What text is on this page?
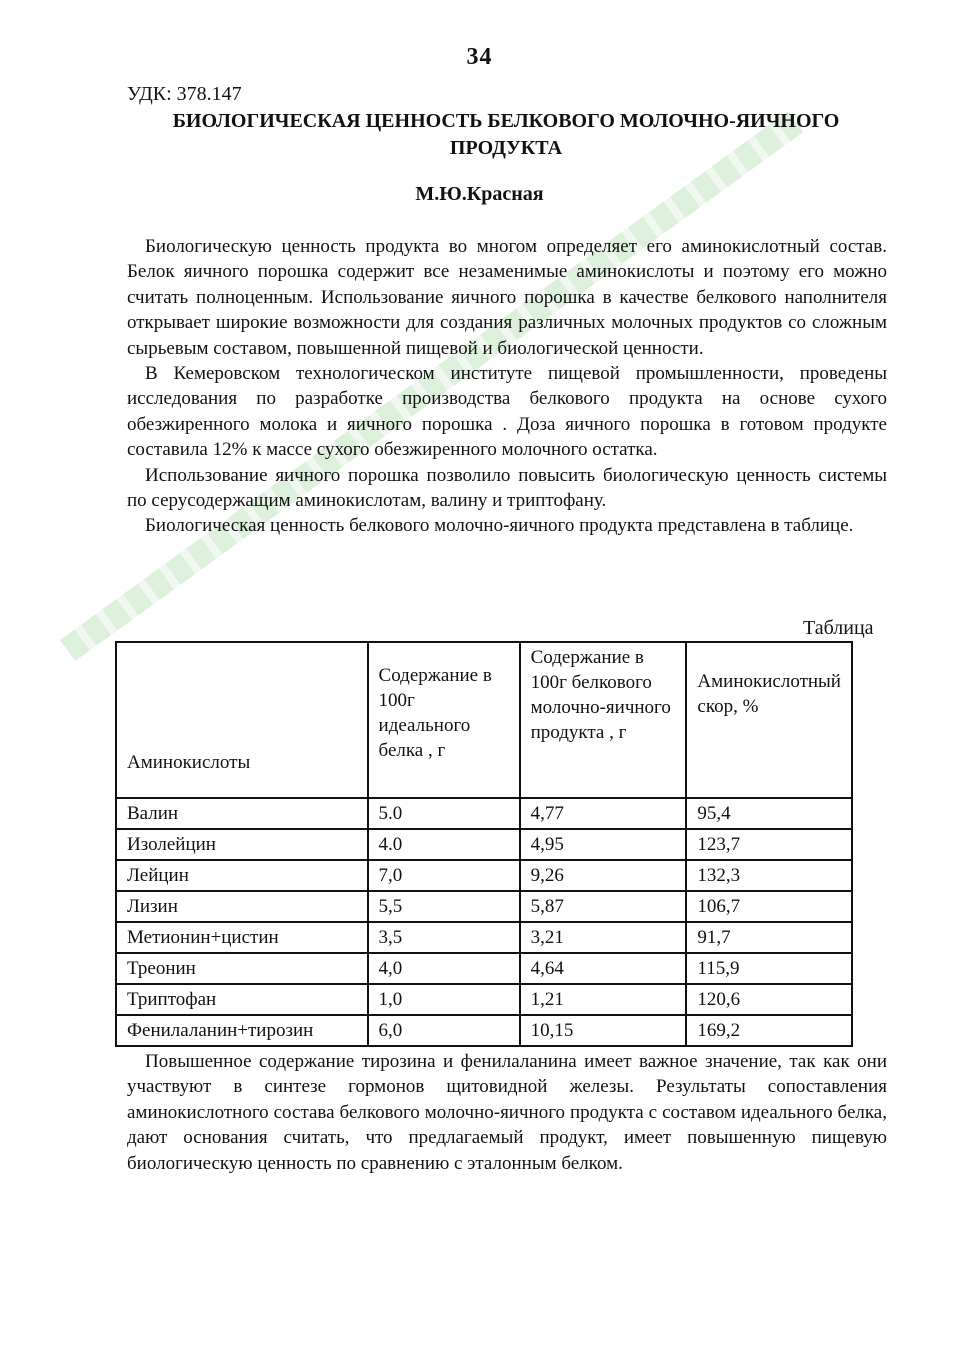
34
УДК: 378.147
БИОЛОГИЧЕСКАЯ ЦЕННОСТЬ БЕЛКОВОГО МОЛОЧНО-ЯИЧНОГО ПРОДУКТА
М.Ю.Красная

Биологическую ценность продукта во многом определяет его аминокислотный состав. Белок яичного порошка содержит все незаменимые аминокислоты и поэтому его можно считать полноценным. Использование яичного порошка в качестве белкового наполнителя открывает широкие возможности для создания различных молочных продуктов со сложным сырьевым составом, повышенной пищевой и биологической ценности.

В Кемеровском технологическом институте пищевой промышленности, проведены исследования по разработке производства белкового продукта на основе сухого обезжиренного молока и яичного порошка . Доза яичного порошка в готовом продукте составила 12% к массе сухого обезжиренного молочного остатка.

Использование яичного порошка позволило повысить биологическую ценность системы по серусодержащим аминокислотам, валину и триптофану.

Биологическая ценность белкового молочно-яичного продукта представлена в таблице.

Таблица
Аминокислоты	Содержание в 100г идеального белка , г	Содержание в 100г белкового молочно-яичного продукта , г	Аминокислотный скор, %
Валин	5.0	4,77	95,4
Изолейцин	4.0	4,95	123,7
Лейцин	7,0	9,26	132,3
Лизин	5,5	5,87	106,7
Метионин+цистин	3,5	3,21	91,7
Треонин	4,0	4,64	115,9
Триптофан	1,0	1,21	120,6
Фенилаланин+тирозин	6,0	10,15	169,2

Повышенное содержание тирозина и фенилаланина имеет важное значение, так как они участвуют в синтезе гормонов щитовидной железы. Результаты сопоставления аминокислотного состава белкового молочно-яичного продукта с составом идеального белка, дают основания считать, что предлагаемый продукт, имеет повышенную пищевую биологическую ценность по сравнению с эталонным белком.
